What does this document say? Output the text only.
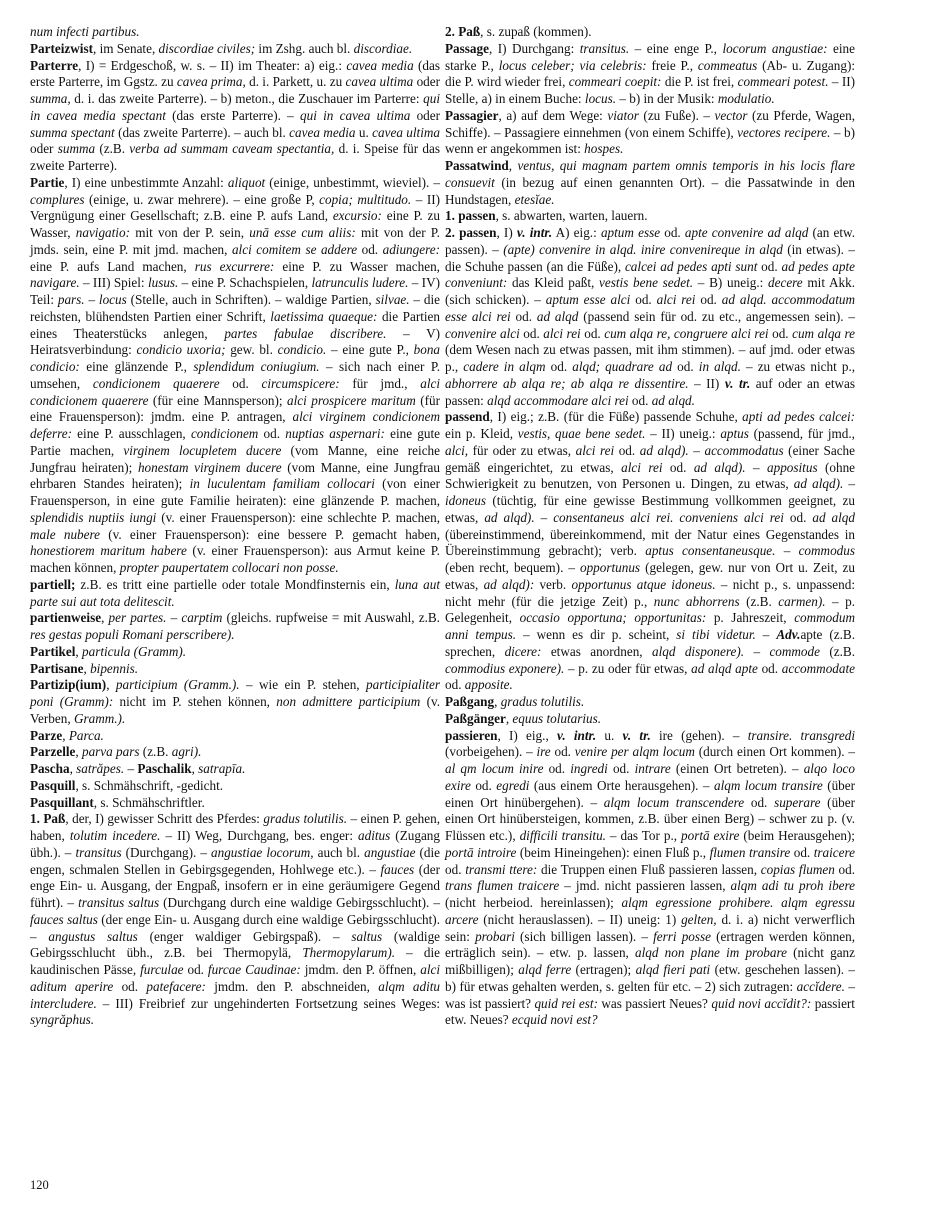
num infecti partibus.

Parteizwist, im Senate, discordiae civiles; im Zshg. auch bl. discordiae.

Parterre, I) = Erdgeschoß, w. s. – II) im Theater: a) eig.: cavea media (das erste Parterre, im Ggstz. zu cavea prima, d. i. Parkett, u. zu cavea ultima oder summa, d. i. das zweite Parterre). – b) meton., die Zuschauer im Parterre: qui in cavea media spectant (das erste Parterre). – qui in cavea ultima oder summa spectant (das zweite Parterre). – auch bl. cavea media u. cavea ultima oder summa (z.B. verba ad summam caveam spectantia, d. i. Speise für das zweite Parterre).

Partie, I) eine unbestimmte Anzahl: aliquot (einige, unbestimmt, wieviel). – complures (einige, u. zwar mehrere). – eine große P, copia; multitudo. – II) Vergnügung einer Gesellschaft; z.B. eine P. aufs Land, excursio: eine P. zu Wasser, navigatio: mit von der P. sein, unā esse cum aliis: mit von der P. jmds. sein, eine P. mit jmd. machen, alci comitem se addere od. adiungere: eine P. aufs Land machen, rus excurrere: eine P. zu Wasser machen, navigare. – III) Spiel: lusus. – eine P. Schachspielen, latrunculis ludere. – IV) Teil: pars. – locus (Stelle, auch in Schriften). – waldige Partien, silvae. – die reichsten, blühendsten Partien einer Schrift, laetissima quaeque: die Partien eines Theaterstücks anlegen, partes fabulae discribere. – V) Heiratsverbindung: condicio uxoria; gew. bl. condicio. – eine gute P., bona condicio: eine glänzende P., splendidum coniugium. – sich nach einer P. umsehen, condicionem quaerere od. circumspicere: für jmd., alci condicionem quaerere (für eine Mannsperson); alci prospicere maritum (für eine Frauensperson): jmdm. eine P. antragen, alci virginem condicionem deferre: eine P. ausschlagen, condicionem od. nuptias aspernari: eine gute Partie machen, virginem locupletem ducere (vom Manne, eine reiche Jungfrau heiraten); honestam virginem ducere (vom Manne, eine Jungfrau ehrbaren Standes heiraten); in luculentam familiam collocari (von einer Frauensperson, in eine gute Familie heiraten): eine glänzende P. machen, splendidis nuptiis iungi (v. einer Frauensperson): eine schlechte P. machen, male nubere (v. einer Frauensperson): eine bessere P. gemacht haben, honestiorem maritum habere (v. einer Frauensperson): aus Armut keine P. machen können, propter paupertatem collocari non posse.

partiell; z.B. es tritt eine partielle oder totale Mondfinsternis ein, luna aut parte sui aut tota delitescit.

partienweise, per partes. – carptim (gleichs. rupfweise = mit Auswahl, z.B. res gestas populi Romani perscribere).

Partikel, particula (Gramm).

Partisane, bipennis.

Partizip(ium), participium (Gramm.). – wie ein P. stehen, participialiter poni (Gramm): nicht im P. stehen können, non admittere participium (v. Verben, Gramm.).

Parze, Parca.

Parzelle, parva pars (z.B. agri).

Pascha, satrăpes. – Paschalik, satrapīa.

Pasquill, s. Schmähschrift, -gedicht.

Pasquillant, s. Schmähschriftler.

1. Paß, der, I) gewisser Schritt des Pferdes: gradus tolutilis. – einen P. gehen, haben, tolutim incedere. – II) Weg, Durchgang, bes. enger: aditus (Zugang übh.). – transitus (Durchgang). – angustiae locorum, auch bl. angustiae (die engen, schmalen Stellen in Gebirgsgegenden, Hohlwege etc.). – fauces (der enge Ein- u. Ausgang, der Engpaß, insofern er in eine geräumigere Gegend führt). – transitus saltus (Durchgang durch eine waldige Gebirgsschlucht). – fauces saltus (der enge Ein- u. Ausgang durch eine waldige Gebirgsschlucht). – angustus saltus (enger waldiger Gebirgspaß). – saltus (waldige Gebirgsschlucht übh., z.B. bei Thermopylä, Thermopylarum). – die kaudinischen Pässe, furculae od. furcae Caudinae: jmdm. den P. öffnen, alci aditum aperire od. patefacere: jmdm. den P. abschneiden, alqm aditu intercludere. – III) Freibrief zur ungehinderten Fortsetzung seines Weges: syngrăphus.

2. Paß, s. zupaß (kommen).

Passage, I) Durchgang: transitus. – eine enge P., locorum angustiae: eine starke P., locus celeber; via celebris: freie P., commeatus (Ab- u. Zugang): die P. wird wieder frei, commeari coepit: die P. ist frei, commeari potest. – II) Stelle, a) in einem Buche: locus. – b) in der Musik: modulatio.

Passagier, a) auf dem Wege: viator (zu Fuße). – vector (zu Pferde, Wagen, Schiffe). – Passagiere einnehmen (von einem Schiffe), vectores recipere. – b) wenn er angekommen ist: hospes.

Passatwind, ventus, qui magnam partem omnis temporis in his locis flare consuevit (in bezug auf einen genannten Ort). – die Passatwinde in den Hundstagen, etesĭae.

1. passen, s. abwarten, warten, lauern.

2. passen, I) v. intr. A) eig.: aptum esse od. apte convenire ad alqd (an etw. passen). – (apte) convenire in alqd. inire convenireque in alqd (in etwas). – die Schuhe passen (an die Füße), calcei ad pedes apti sunt od. ad pedes apte conveniunt: das Kleid paßt, vestis bene sedet. – B) uneig.: decere mit Akk. (sich schicken). – aptum esse alci od. alci rei od. ad alqd. accommodatum esse alci rei od. ad alqd (passend sein für od. zu etc., angemessen sein). – convenire alci od. alci rei od. cum alqa re, congruere alci rei od. cum alqa re (dem Wesen nach zu etwas passen, mit ihm stimmen). – auf jmd. oder etwas p., cadere in alqm od. alqd; quadrare ad od. in alqd. – zu etwas nicht p., abhorrere ab alqa re; ab alqa re dissentire. – II) v. tr. auf oder an etwas passen: alqd accommodare alci rei od. ad alqd.

passend, I) eig.; z.B. (für die Füße) passende Schuhe, apti ad pedes calcei: ein p. Kleid, vestis, quae bene sedet. – II) uneig.: aptus (passend, für jmd., alci, für oder zu etwas, alci rei od. ad alqd). – accommodatus (einer Sache gemäß eingerichtet, zu etwas, alci rei od. ad alqd). – appositus (ohne Schwierigkeit zu benutzen, von Personen u. Dingen, zu etwas, ad alqd). – idoneus (tüchtig, für eine gewisse Bestimmung vollkommen geeignet, zu etwas, ad alqd). – consentaneus alci rei. conveniens alci rei od. ad alqd (übereinstimmend, übereinkommend, mit der Natur eines Gegenstandes in Übereinstimmung gebracht); verb. aptus consentaneusque. – commodus (eben recht, bequem). – opportunus (gelegen, gew. nur von Ort u. Zeit, zu etwas, ad alqd): verb. opportunus atque idoneus. – nicht p., s. unpassend: nicht mehr (für die jetzige Zeit) p., nunc abhorrens (z.B. carmen). – p. Gelegenheit, occasio opportuna; opportunitas: p. Jahreszeit, commodum anni tempus. – wenn es dir p. scheint, si tibi videtur. – Adv.apte (z.B. sprechen, dicere: etwas anordnen, alqd disponere). – commode (z.B. commodius exponere). – p. zu oder für etwas, ad alqd apte od. accommodate od. apposite.

Paßgang, gradus tolutilis.

Paßgänger, equus tolutarius.

passieren, I) eig., v. intr. u. v. tr. ire (gehen). – transire. transgredi (vorbeigehen). – ire od. venire per alqm locum (durch einen Ort kommen). – al qm locum inire od. ingredi od. intrare (einen Ort betreten). – alqo loco exire od. egredi (aus einem Orte herausgehen). – alqm locum transire (über einen Ort hinübergehen). – alqm locum transcendere od. superare (über einen Ort hinübersteigen, kommen, z.B. über einen Berg) – schwer zu p. (v. Flüssen etc.), difficili transitu. – das Tor p., portā exire (beim Herausgehen); portā introire (beim Hineingehen): einen Fluß p., flumen transire od. traicere od. transmi ttere: die Truppen einen Fluß passieren lassen, copias flumen od. trans flumen traicere – jmd. nicht passieren lassen, alqm adi tu proh ibere (nicht herbeiod. hereinlassen); alqm egressione prohibere. alqm egressu arcere (nicht herauslassen). – II) uneig: 1) gelten, d. i. a) nicht verwerflich sein: probari (sich billigen lassen). – ferri posse (ertragen werden können, erträglich sein). – etw. p. lassen, alqd non plane im probare (nicht ganz mißbilligen); alqd ferre (ertragen); alqd fieri pati (etw. geschehen lassen). – b) für etwas gehalten werden, s. gelten für etc. – 2) sich zutragen: accĭdere. – was ist passiert? quid rei est: was passiert Neues? quid novi accĭdit?: passiert etw. Neues? ecquid novi est?

120
